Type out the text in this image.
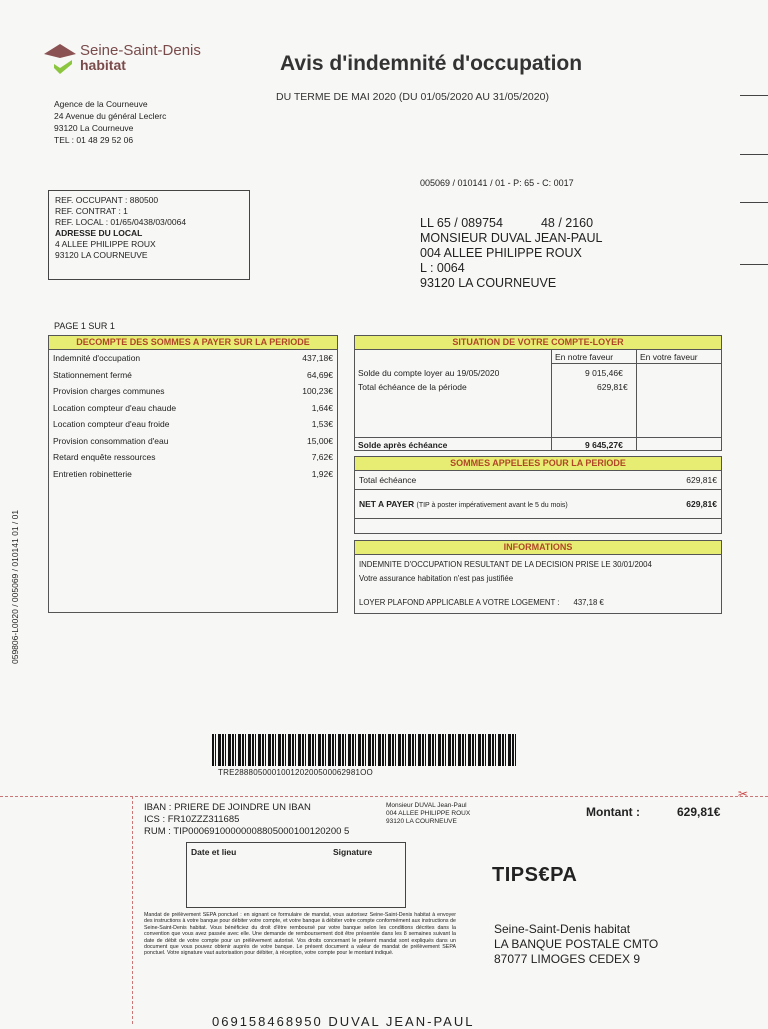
Seine-Saint-Denis
habitat	Avis d'indemnité d'occupation
DU TERME DE MAI 2020 (DU 01/05/2020 AU 31/05/2020)
Agence de la Courneuve
24 Avenue du général Leclerc
93120 La Courneuve
TEL : 01 48 29 52 06
005069 / 010141 / 01 - P: 65 - C: 0017
REF. OCCUPANT : 880500
REF. CONTRAT : 1
REF. LOCAL : 01/65/0438/03/0064
ADRESSE DU LOCAL
4 ALLEE PHILIPPE ROUX
93120 LA COURNEUVE
LL 65 / 089754	48 / 2160
MONSIEUR DUVAL JEAN-PAUL
004 ALLEE PHILIPPE ROUX
L : 0064
93120 LA COURNEUVE
PAGE 1 SUR 1
DECOMPTE DES SOMMES A PAYER SUR LA PERIODE
Indemnité d'occupation	437,18€
Stationnement fermé	64,69€
Provision charges communes	100,23€
Location compteur d'eau chaude	1,64€
Location compteur d'eau froide	1,53€
Provision consommation d'eau	15,00€
Retard enquête ressources	7,62€
Entretien robinetterie	1,92€
SITUATION DE VOTRE COMPTE-LOYER
En notre faveur	En votre faveur
Solde du compte loyer au 19/05/2020	9 015,46€
Total échéance de la période	629,81€
Solde après échéance	9 645,27€
SOMMES APPELEES POUR LA PERIODE
Total échéance	629,81€
NET A PAYER (TIP à poster impérativement avant le 5 du mois)	629,81€
INFORMATIONS
INDEMNITE D'OCCUPATION RESULTANT DE LA DECISION PRISE LE 30/01/2004
Votre assurance habitation n'est pas justifiée
LOYER PLAFOND APPLICABLE A VOTRE LOGEMENT : 437,18 €
059806-L0020 / 005069 / 010141 01 / 01
TRE288805000100120200500062981OO
✂
IBAN : PRIERE DE JOINDRE UN IBAN
ICS : FR10ZZZ311685
RUM : TIP00069100000008805000100120200 5
Monsieur DUVAL Jean-Paul
004 ALLEE PHILIPPE ROUX
93120 LA COURNEUVE
Montant :	629,81€
Date et lieu	Signature
TIPS€PA
Mandat de prélèvement SEPA ponctuel : en signant ce formulaire de mandat, vous autorisez Seine-Saint-Denis habitat à envoyer des instructions à votre banque pour débiter votre compte, et votre banque à débiter votre compte conformément aux instructions de Seine-Saint-Denis habitat. Vous bénéficiez du droit d'être remboursé par votre banque selon les conditions décrites dans la convention que vous avez passée avec elle. Une demande de remboursement doit être présentée dans les 8 semaines suivant la date de débit de votre compte pour un prélèvement autorisé. Vos droits concernant le présent mandat sont expliqués dans un document que vous pouvez obtenir auprès de votre banque. Le présent document a valeur de mandat de prélèvement SEPA ponctuel. Votre signature vaut autorisation pour débiter, à réception, votre compte pour le montant indiqué.
Seine-Saint-Denis habitat
LA BANQUE POSTALE CMTO
87077 LIMOGES CEDEX 9
069158468950 DUVAL JEAN-PAUL
